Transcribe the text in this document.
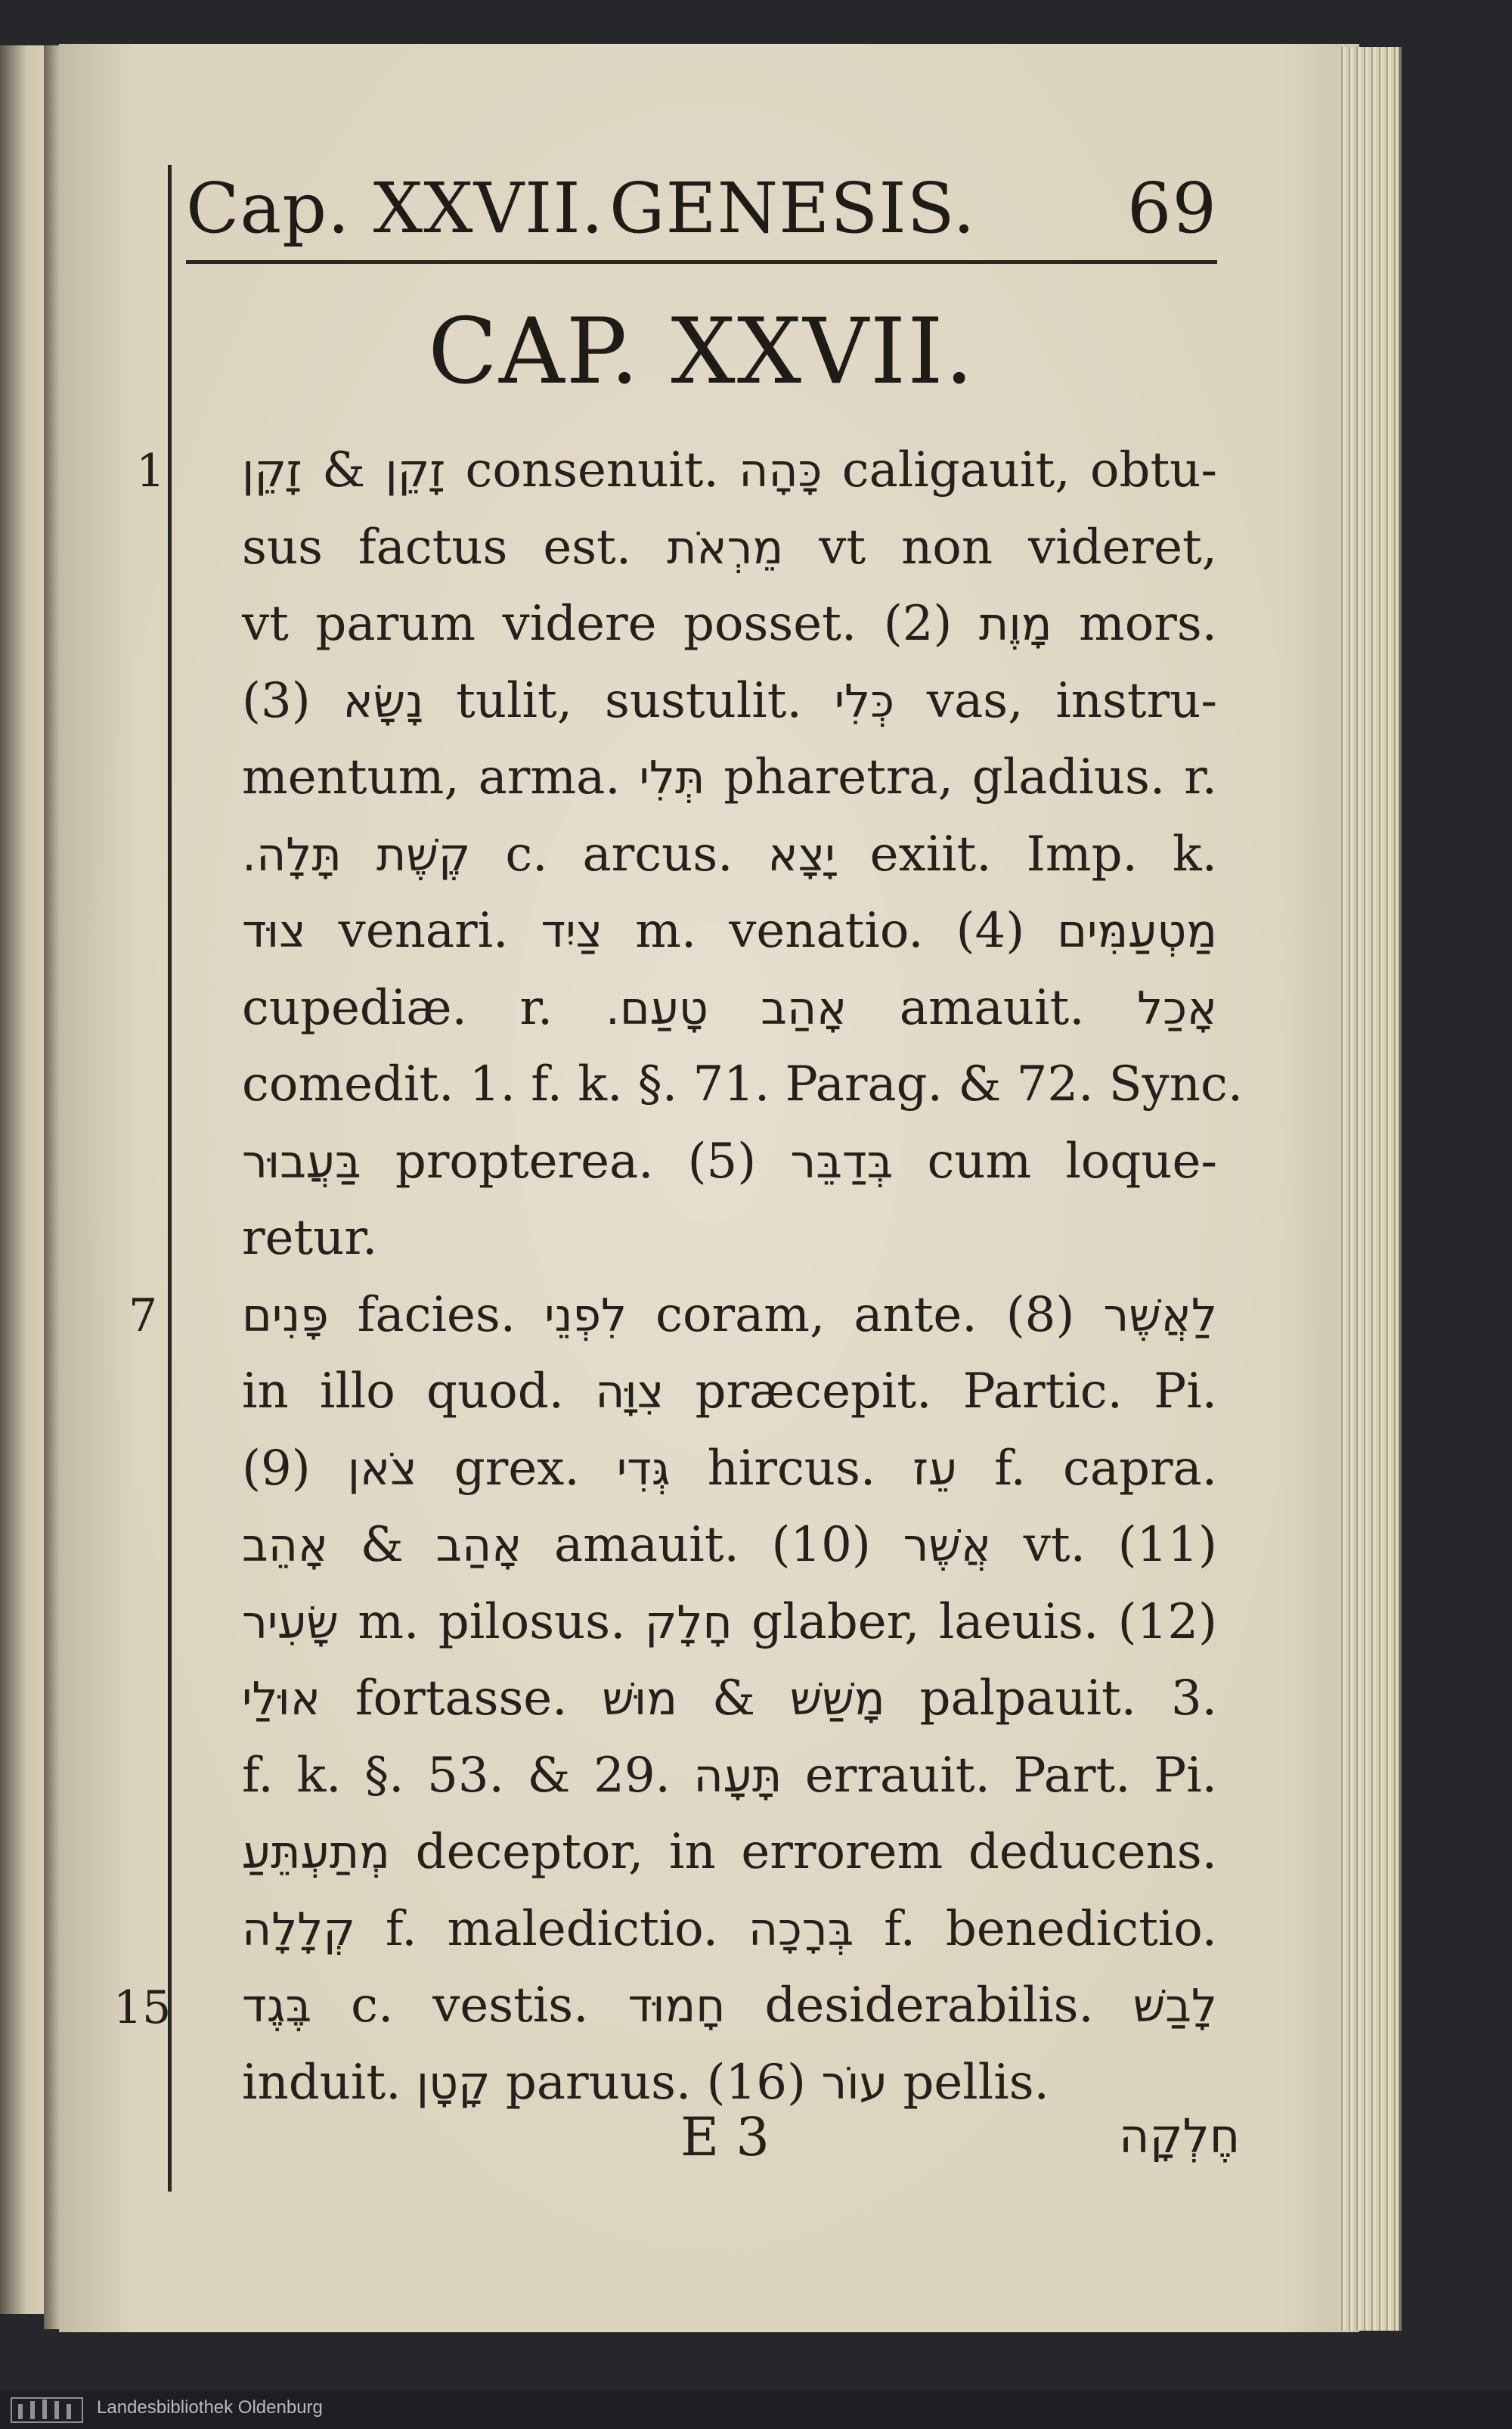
Cap. XXVII. GENESIS. 69
CAP. XXVII.
1
7
15
זָקֵן & זָקֵן consenuit. כָּהָה caligauit, obtu-
sus factus est. מֵרְאֹת vt non videret,
vt parum videre posset. (2) מָוֶת mors.
(3) נָשָׂא tulit, sustulit. כְּלִי vas, instru-
mentum, arma. תְּלִי pharetra, gladius. r.
תָּלָה. קֶשֶׁת c. arcus. יָצָא exiit. Imp. k.
צוּד venari. צַיִד m. venatio. (4) מַטְעַמִּים
cupediæ. r. טָעַם. אָהַב amauit. אָכַל
comedit. 1. f. k. §. 71. Parag. & 72. Sync.
בַּעֲבוּר propterea. (5) בְּדַבֵּר cum loque-
retur.
פָּנִים facies. לִפְנֵי coram, ante. (8) לַאֲשֶׁר
in illo quod. צִוָּה præcepit. Partic. Pi.
(9) צֹאן grex. גְּדִי hircus. עֵז f. capra.
אָהֵב & אָהַב amauit. (10) אֲשֶׁר vt. (11)
שָׂעִיר m. pilosus. חָלָק glaber, laeuis. (12)
אוּלַי fortasse. מוּשׁ & מָשַׁשׁ palpauit. 3.
f. k. §. 53. & 29. תָּעָה errauit. Part. Pi.
מְתַעְתֵּעַ deceptor, in errorem deducens.
קְלָלָה f. maledictio. בְּרָכָה f. benedictio.
בֶּגֶד c. vestis. חָמוּד desiderabilis. לָבַשׁ
induit. קָטָן paruus. (16) עוֹר pellis.
E 3	חֶלְקָה
Landesbibliothek Oldenburg
